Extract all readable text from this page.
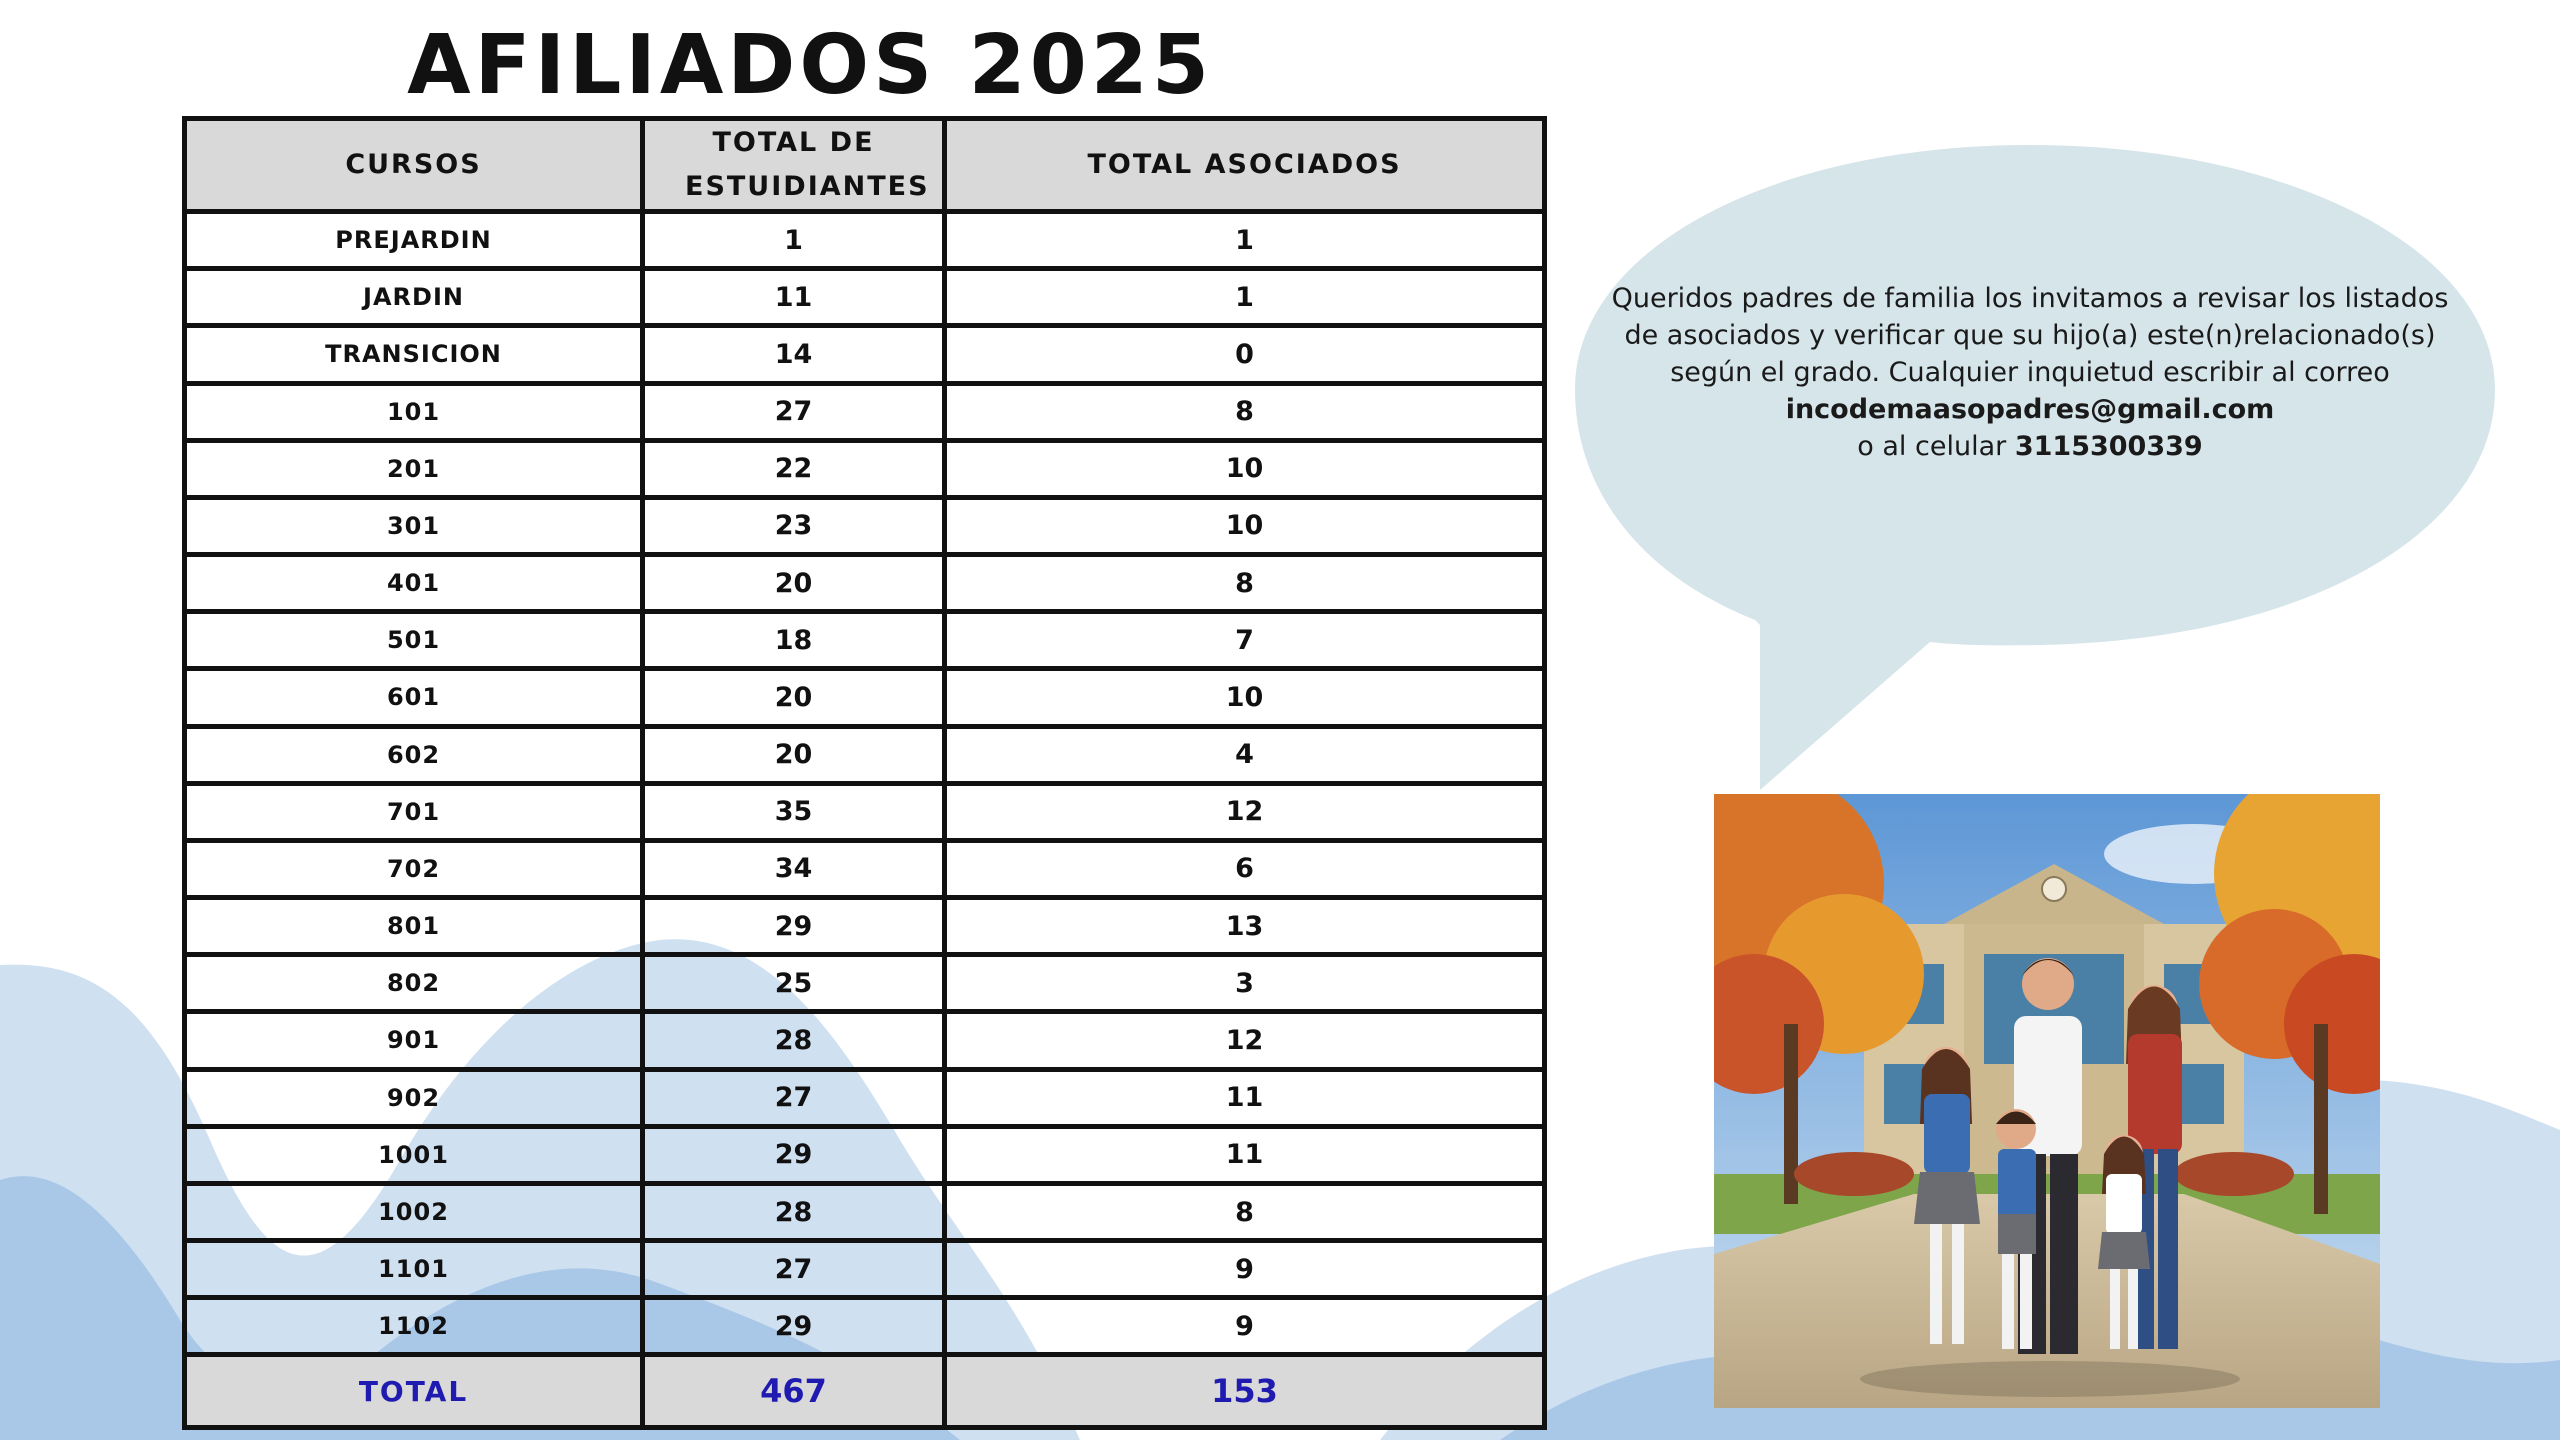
AFILIADOS 2025
CURSOS	TOTAL DE ESTUIDIANTES	TOTAL ASOCIADOS
PREJARDIN	1	1
JARDIN	11	1
TRANSICION	14	0
101	27	8
201	22	10
301	23	10
401	20	8
501	18	7
601	20	10
602	20	4
701	35	12
702	34	6
801	29	13
802	25	3
901	28	12
902	27	11
1001	29	11
1002	28	8
1101	27	9
1102	29	9
TOTAL	467	153
Queridos padres de familia los invitamos a revisar los listados
de asociados y verificar que su hijo(a) este(n)relacionado(s)
según el grado. Cualquier inquietud escribir al correo
incodemaasopadres@gmail.com
o al celular 3115300339
